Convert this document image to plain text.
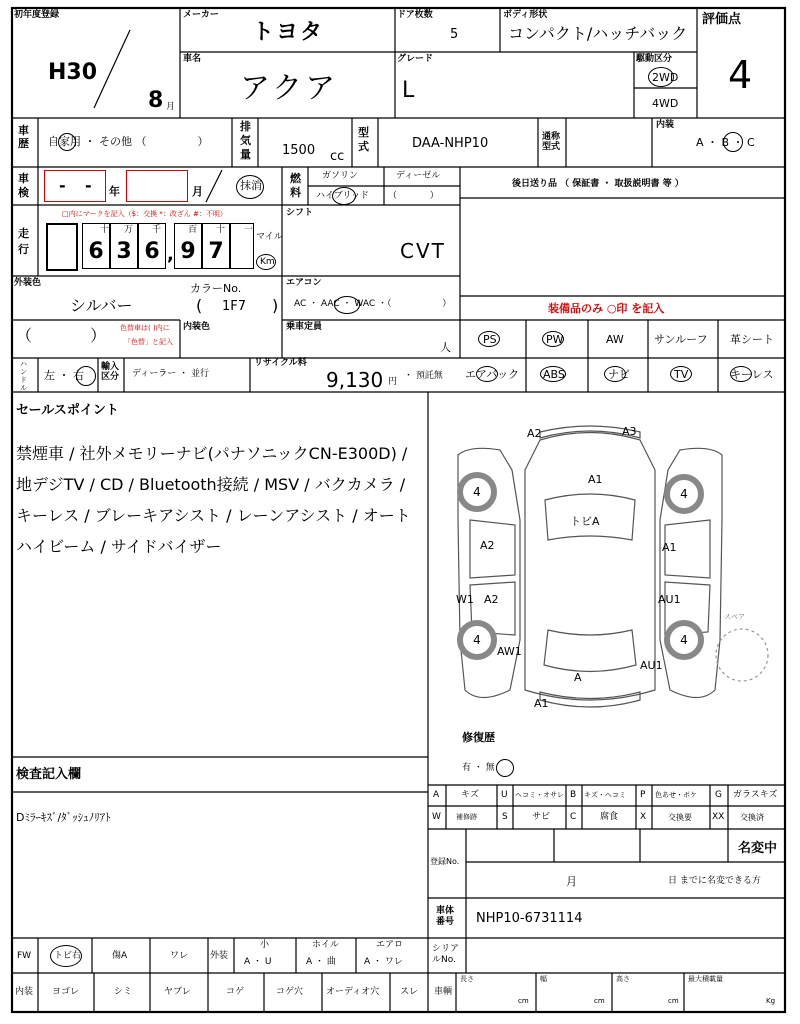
初年度登録
H30
8 月
メーカー
トヨタ
ドア枚数
5
ボディ形状
コンパクト/ハッチバック
評価点
4
車名
アクア
グレード
L
駆動区分
2WD
4WD
車歴 自家用 ・ その他 （ 　　　　 ）
排気量 1500 cc
型式	DAA-NHP10	通称型式
内装
A ・ B ・ C
車検 - - 年	月	抹消
燃料
ガソリン	ディーゼル
ハイブリッド （ 　　　 ）
後日送り品 （ 保証書 ・ 取扱説明書 等 ）
走行
□内にマークを記入（$：交換 *：改ざん #：不明）
6 3 6 9 7
十 万 千	百 十 一
,
マイル
Km
シフト
CVT
外装色
シルバー
カラーNo.
( 1F7 )
エアコン
AC ・ AAC ・ WAC ・（ 　　　　　 ）	装備品のみ ○印 を記入
（ 　　　 ） 色替車は( )内に
「色替」と記入
内装色	乗車定員
人
PS	PW	AW	サンルーフ 革シート
エアバック ABS	ナビ	TV	キーレス
ハンドル
左 ・ 右
輸入区分	ディーラー ・ 並行
リサイクル料
9,130 円
・ 預託無
セールスポイント
禁煙車 / 社外メモリーナビ(パナソニックCN-E300D) /
地デジTV / CD / Bluetooth接続 / MSV / バクカメラ /
キーレス / ブレーキアシスト / レーンアシスト / オート
ハイビーム / サイドバイザー
A2	A3
A1
トビA
A2	A1
W1 A2	AU1
AW1
A
AU1
A1
4	4
4	4
スペア
修復歴
有 ・ 無
検査記入欄
Dﾐﾗｰｷｽﾞ/ﾀﾞｯｼｭﾉﾘｱﾄ
A キズ U ヘコミ・オサレ B キズ・ヘコミ P 色あせ・ボケ G ガラスキズ
W 補修跡	S	サビ C	腐食 X	交換要 XX 交換済
登録No.
名変中
月	日 までに名変できる方
車体番号	NHP10-6731114
FW	トビ右	傷A	ワレ 外装
小
A ・ U
ホイル
A ・ 曲
エアロ
A ・ ワレ
シリアルNo.
内装 ヨゴレ	シミ	ヤブレ	コゲ	コゲ穴	オーディオ穴 スレ 車輌
長さ
cm
幅
cm
高さ
cm
最大積載量
Kg
